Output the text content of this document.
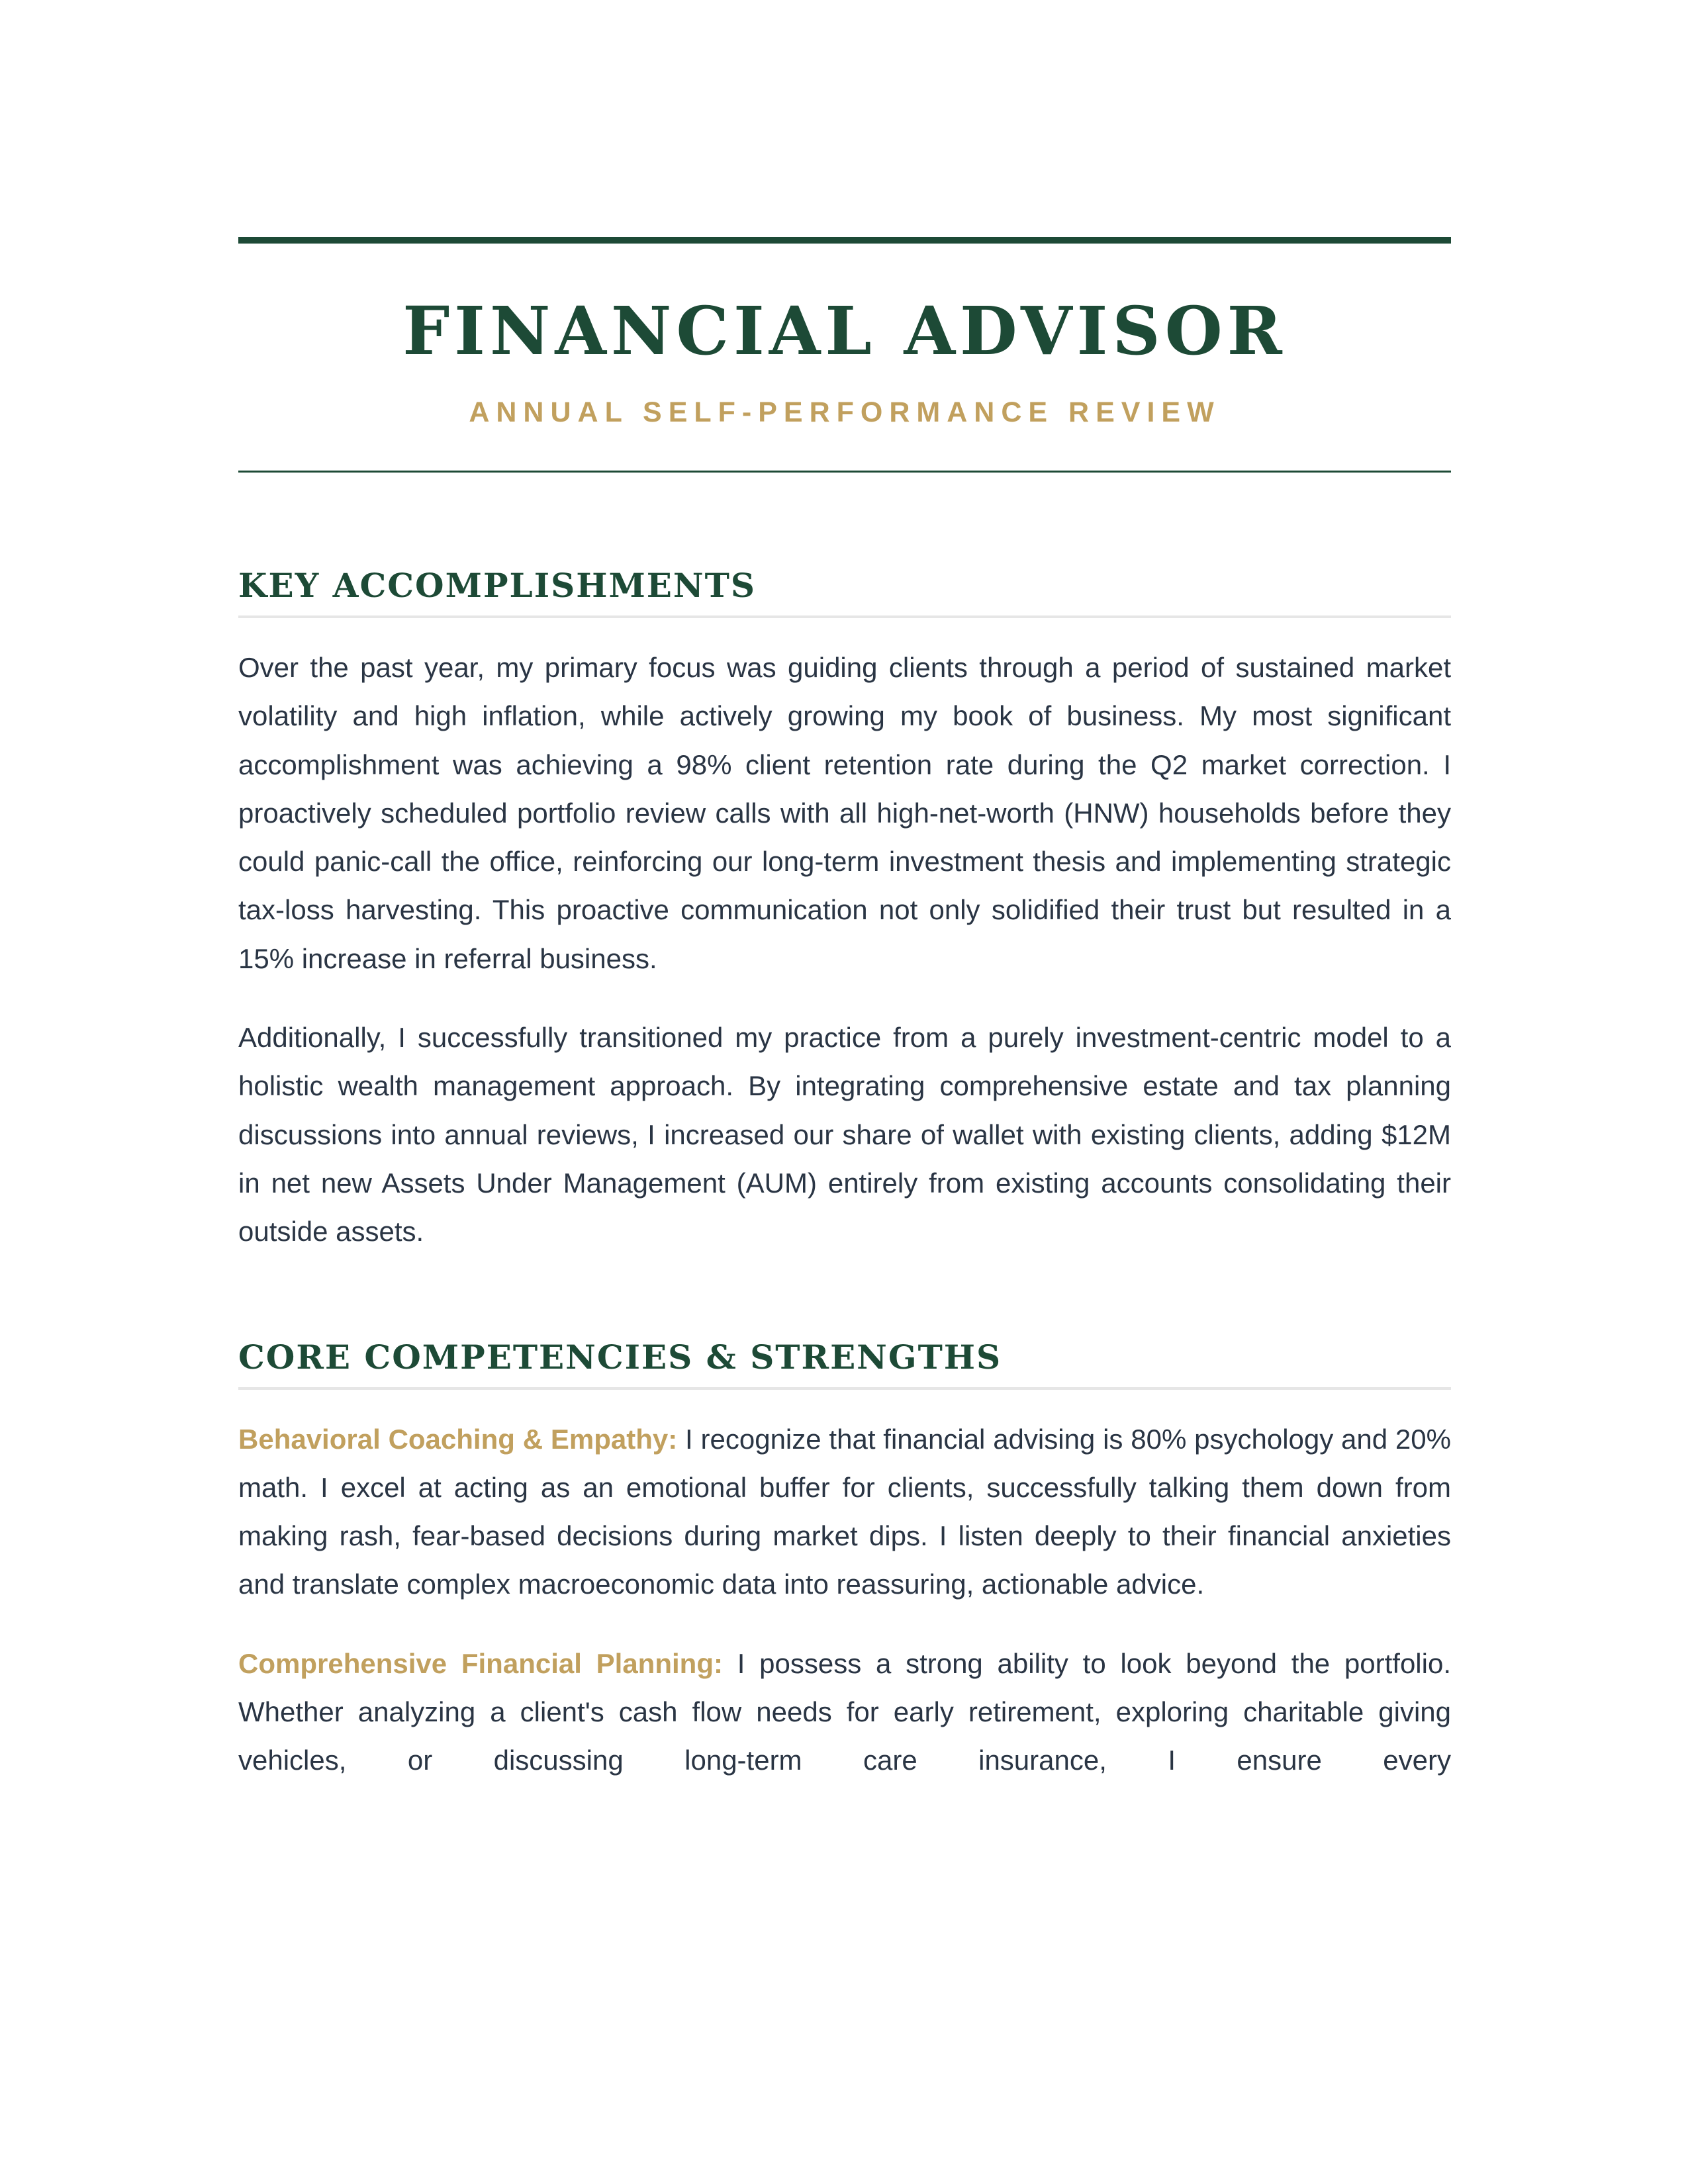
FINANCIAL ADVISOR
ANNUAL SELF-PERFORMANCE REVIEW
KEY ACCOMPLISHMENTS

Over the past year, my primary focus was guiding clients through a period of sustained market volatility and high inflation, while actively growing my book of business. My most significant accomplishment was achieving a 98% client retention rate during the Q2 market correction. I proactively scheduled portfolio review calls with all high-net-worth (HNW) households before they could panic-call the office, reinforcing our long-term investment thesis and implementing strategic tax-loss harvesting. This proactive communication not only solidified their trust but resulted in a 15% increase in referral business.

Additionally, I successfully transitioned my practice from a purely investment-centric model to a holistic wealth management approach. By integrating comprehensive estate and tax planning discussions into annual reviews, I increased our share of wallet with existing clients, adding $12M in net new Assets Under Management (AUM) entirely from existing accounts consolidating their outside assets.

CORE COMPETENCIES & STRENGTHS

Behavioral Coaching & Empathy: I recognize that financial advising is 80% psychology and 20% math. I excel at acting as an emotional buffer for clients, successfully talking them down from making rash, fear-based decisions during market dips. I listen deeply to their financial anxieties and translate complex macroeconomic data into reassuring, actionable advice.

Comprehensive Financial Planning: I possess a strong ability to look beyond the portfolio. Whether analyzing a client's cash flow needs for early retirement, exploring charitable giving vehicles, or discussing long-term care insurance, I ensure every
